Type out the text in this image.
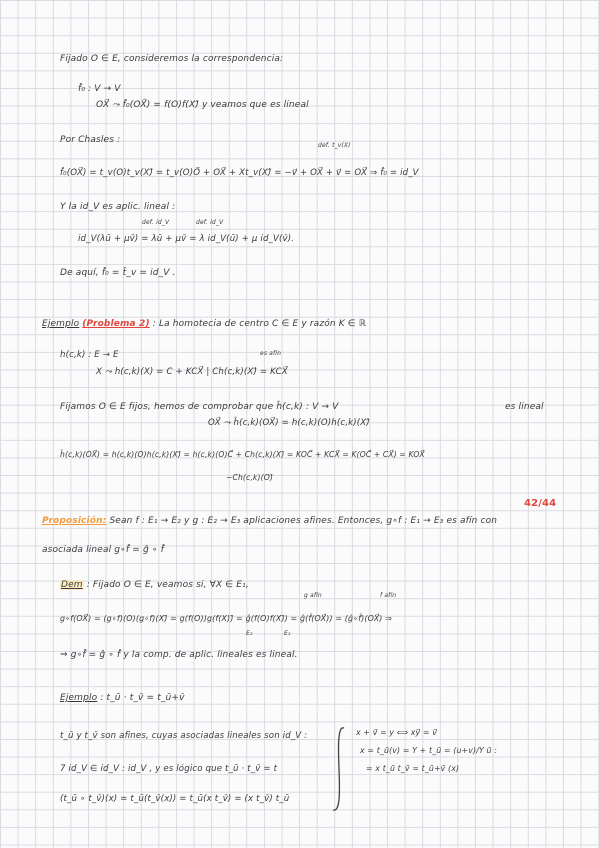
Fijado O ∈ E, consideremos la correspondencia:
f̂₀ : V → V
OX⃗ ⤳ f̂₀(OX⃗) = f(O)f(X)⃗ y veamos que es lineal
Por Chasles :
def. t_v(X)
f̂₀(OX⃗) = t_v(O)t_v(X)⃗ = t_v(O)O⃗ + OX⃗ + Xt_v(X)⃗ = −v⃗ + OX⃗ + v⃗ = OX⃗ ⇒ f̂₀ = id_V
Y la id_V es aplic. lineal :
def. id_V	def. id_V
id_V(λū + μv̄) = λū + μv̄ = λ id_V(ū) + μ id_V(v̄).
De aquí, f̂₀ = t̂_v = id_V .
Ejemplo (Problema 2) : La homotecia de centro C ∈ E y razón K ∈ ℝ
h(c,k) : E → E	es afín
X ⤳ h(c,k)(X) = C + KCX⃗ | Ch(c,k)(X)⃗ = KCX⃗
Fijamos O ∈ E fijos, hemos de comprobar que ĥ(c,k) : V → V	es lineal
OX⃗ ⤳ ĥ(c,k)(OX⃗) = h(c,k)(O)h(c,k)(X)⃗
ĥ(c,k)(OX⃗) = h(c,k)(O)h(c,k)(X)⃗ = h(c,k)(O)C⃗ + Ch(c,k)(X)⃗ = KOC⃗ + KCX⃗ = K(OC⃗ + CX⃗) = KOX⃗
−Ch(c,k)(O)⃗
42/44
Proposición: Sean f : E₁ → E₂ y g : E₂ → E₃ aplicaciones afines. Entonces, g∘f : E₁ → E₃ es afín con
asociada lineal g∘f̂ = ĝ ∘ f̂
Dem : Fijado O ∈ E, veamos si, ∀X ∈ E₁,
g afín	f afín
g∘f(OX⃗) = (g∘f)(O)(g∘f)(X)⃗ = g(f(O))g(f(X))⃗ = ĝ(f(O)f(X)⃗) = ĝ(f̂(OX⃗)) = (ĝ∘f̂)(OX⃗) ⇒
E₂	E₂
⇒ g∘f̂ = ĝ ∘ f̂ y la comp. de aplic. lineales es lineal.
Ejemplo : t_ū · t_v̄ = t_ū+v̄
t_ū y t_v̄ son afines, cuyas asociadas lineales son id_V :
7 id_V ∈ id_V : id_V , y es lógico que t_ū · t_v̄ = t
(t_ū ∘ t_v̄)(x) = t_ū(t_v̄(x)) = t_ū(x t_v̄) = (x t_v̄) t_ū
x + v⃗ = y ⟺ xy⃗ = v⃗
x = t_ū(v) = Y + t_ū = (u+v)/Y ū :
= x t_ū t_v̄ = t_ū+v̄ (x)
